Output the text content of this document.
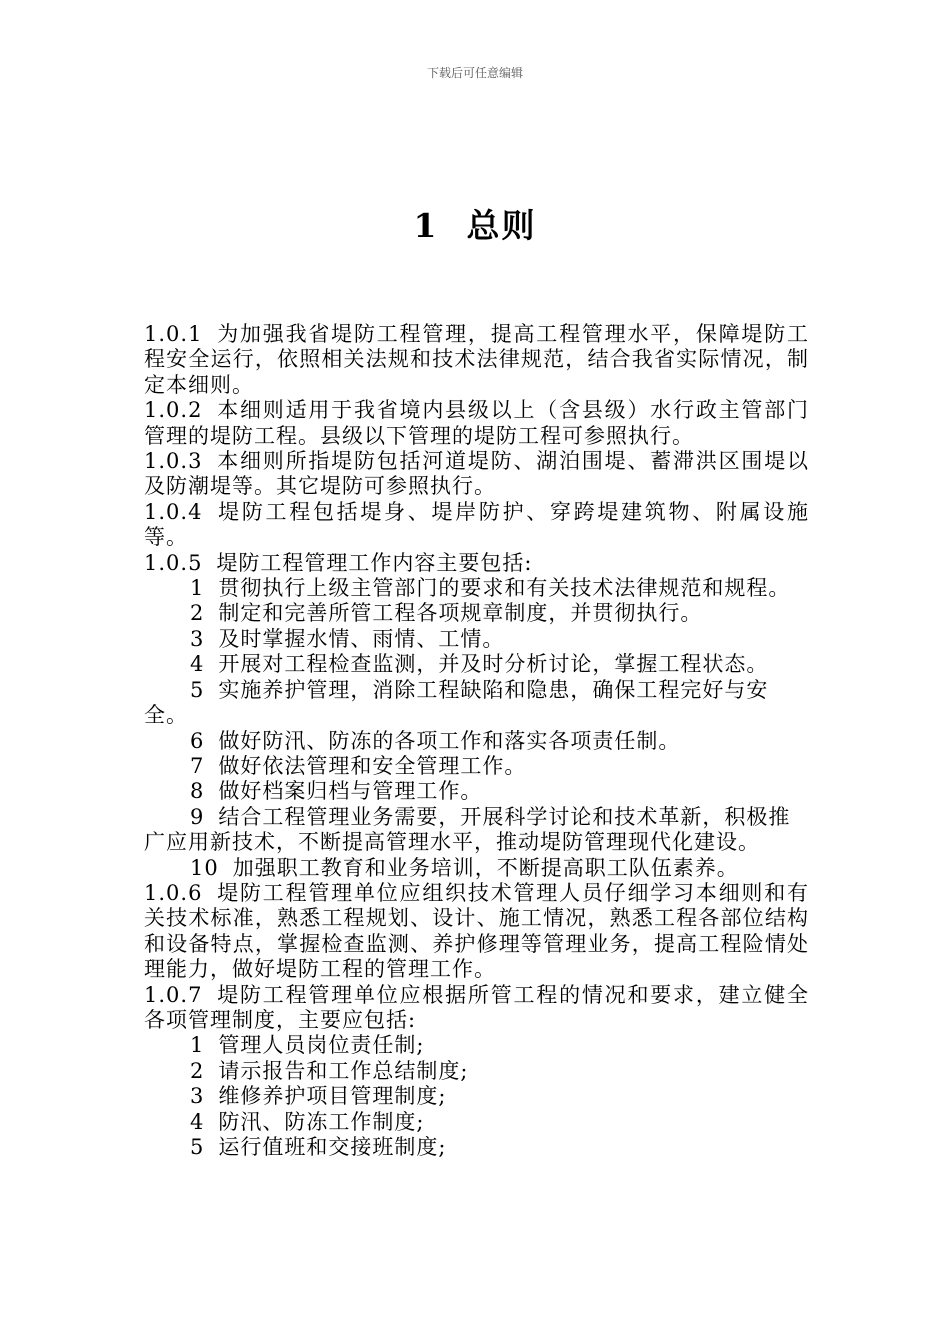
下载后可任意编辑
1 总则

1.0.1 为加强我省堤防工程管理，提高工程管理水平，保障堤防工程安全运行，依照相关法规和技术法律规范，结合我省实际情况，制定本细则。

1.0.2 本细则适用于我省境内县级以上（含县级）水行政主管部门管理的堤防工程。县级以下管理的堤防工程可参照执行。

1.0.3 本细则所指堤防包括河道堤防、湖泊围堤、蓄滞洪区围堤以及防潮堤等。其它堤防可参照执行。

1.0.4 堤防工程包括堤身、堤岸防护、穿跨堤建筑物、附属设施等。

1.0.5 堤防工程管理工作内容主要包括:

1 贯彻执行上级主管部门的要求和有关技术法律规范和规程。

2 制定和完善所管工程各项规章制度，并贯彻执行。

3 及时掌握水情、雨情、工情。

4 开展对工程检查监测，并及时分析讨论，掌握工程状态。

5 实施养护管理，消除工程缺陷和隐患，确保工程完好与安全。

6 做好防汛、防冻的各项工作和落实各项责任制。

7 做好依法管理和安全管理工作。

8 做好档案归档与管理工作。

9 结合工程管理业务需要，开展科学讨论和技术革新，积极推广应用新技术，不断提高管理水平，推动堤防管理现代化建设。

10 加强职工教育和业务培训，不断提高职工队伍素养。

1.0.6 堤防工程管理单位应组织技术管理人员仔细学习本细则和有关技术标准，熟悉工程规划、设计、施工情况，熟悉工程各部位结构和设备特点，掌握检查监测、养护修理等管理业务，提高工程险情处理能力，做好堤防工程的管理工作。

1.0.7 堤防工程管理单位应根据所管工程的情况和要求，建立健全各项管理制度，主要应包括:

1 管理人员岗位责任制;

2 请示报告和工作总结制度;

3 维修养护项目管理制度;

4 防汛、防冻工作制度;

5 运行值班和交接班制度;
